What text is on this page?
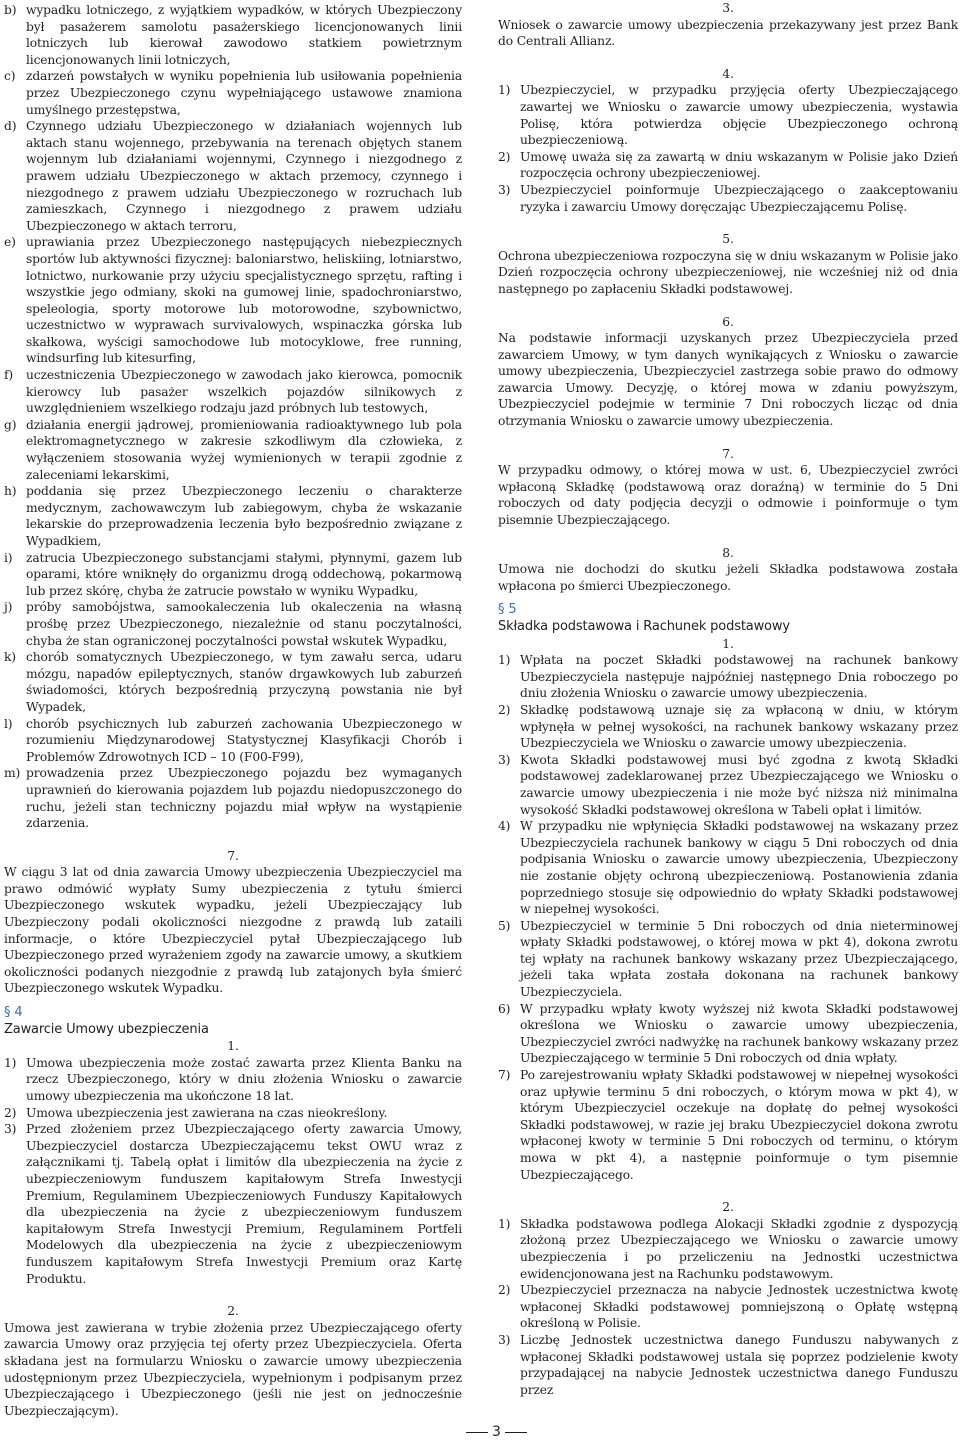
b) wypadku lotniczego, z wyjątkiem wypadków, w których Ubezpieczony był pasażerem samolotu pasażerskiego licencjonowanych linii lotniczych lub kierował zawodowo statkiem powietrznym licencjonowanych linii lotniczych,
c) zdarzeń powstałych w wyniku popełnienia lub usiłowania popełnienia przez Ubezpieczonego czynu wypełniającego ustawowe znamiona umyślnego przestępstwa,
d) Czynnego udziału Ubezpieczonego w działaniach wojennych lub aktach stanu wojennego, przebywania na terenach objętych stanem wojennym lub działaniami wojennymi, Czynnego i niezgodnego z prawem udziału Ubezpieczonego w aktach przemocy, czynnego i niezgodnego z prawem udziału Ubezpieczonego w rozruchach lub zamieszkach, Czynnego i niezgodnego z prawem udziału Ubezpieczonego w aktach terroru,
e) uprawiania przez Ubezpieczonego następujących niebezpiecznych sportów lub aktywności fizycznej: baloniarstwo, heliskiing, lotniarstwo, lotnictwo, nurkowanie przy użyciu specjalistycznego sprzętu, rafting i wszystkie jego odmiany, skoki na gumowej linie, spadochroniarstwo, speleologia, sporty motorowe lub motorowodne, szybownictwo, uczestnictwo w wyprawach survivalowych, wspinaczka górska lub skałkowa, wyścigi samochodowe lub motocyklowe, free running, windsurfing lub kitesurfing,
f) uczestniczenia Ubezpieczonego w zawodach jako kierowca, pomocnik kierowcy lub pasażer wszelkich pojazdów silnikowych z uwzględnieniem wszelkiego rodzaju jazd próbnych lub testowych,
g) działania energii jądrowej, promieniowania radioaktywnego lub pola elektromagnetycznego w zakresie szkodliwym dla człowieka, z wyłączeniem stosowania wyżej wymienionych w terapii zgodnie z zaleceniami lekarskimi,
h) poddania się przez Ubezpieczonego leczeniu o charakterze medycznym, zachowawczym lub zabiegowym, chyba że wskazanie lekarskie do przeprowadzenia leczenia było bezpośrednio związane z Wypadkiem,
i) zatrucia Ubezpieczonego substancjami stałymi, płynnymi, gazem lub oparami, które wniknęły do organizmu drogą oddechową, pokarmową lub przez skórę, chyba że zatrucie powstało w wyniku Wypadku,
j) próby samobójstwa, samookaleczenia lub okaleczenia na własną prośbę przez Ubezpieczonego, niezależnie od stanu poczytalności, chyba że stan ograniczonej poczytalności powstał wskutek Wypadku,
k) chorób somatycznych Ubezpieczonego, w tym zawału serca, udaru mózgu, napadów epileptycznych, stanów drgawkowych lub zaburzeń świadomości, których bezpośrednią przyczyną powstania nie był Wypadek,
l) chorób psychicznych lub zaburzeń zachowania Ubezpieczonego w rozumieniu Międzynarodowej Statystycznej Klasyfikacji Chorób i Problemów Zdrowotnych ICD – 10 (F00-F99),
m) prowadzenia przez Ubezpieczonego pojazdu bez wymaganych uprawnień do kierowania pojazdem lub pojazdu niedopuszczonego do ruchu, jeżeli stan techniczny pojazdu miał wpływ na wystąpienie zdarzenia.

7.

W ciągu 3 lat od dnia zawarcia Umowy ubezpieczenia Ubezpieczyciel ma prawo odmówić wypłaty Sumy ubezpieczenia z tytułu śmierci Ubezpieczonego wskutek wypadku, jeżeli Ubezpieczający lub Ubezpieczony podali okoliczności niezgodne z prawdą lub zataili informacje, o które Ubezpieczyciel pytał Ubezpieczającego lub Ubezpieczonego przed wyrażeniem zgody na zawarcie umowy, a skutkiem okoliczności podanych niezgodnie z prawdą lub zatajonych była śmierć Ubezpieczonego wskutek Wypadku.

§ 4

Zawarcie Umowy ubezpieczenia

1.

1) Umowa ubezpieczenia może zostać zawarta przez Klienta Banku na rzecz Ubezpieczonego, który w dniu złożenia Wniosku o zawarcie umowy ubezpieczenia ma ukończone 18 lat.
2) Umowa ubezpieczenia jest zawierana na czas nieokreślony.
3) Przed złożeniem przez Ubezpieczającego oferty zawarcia Umowy, Ubezpieczyciel dostarcza Ubezpieczającemu tekst OWU wraz z załącznikami tj. Tabelą opłat i limitów dla ubezpieczenia na życie z ubezpieczeniowym funduszem kapitałowym Strefa Inwestycji Premium, Regulaminem Ubezpieczeniowych Funduszy Kapitałowych dla ubezpieczenia na życie z ubezpieczeniowym funduszem kapitałowym Strefa Inwestycji Premium, Regulaminem Portfeli Modelowych dla ubezpieczenia na życie z ubezpieczeniowym funduszem kapitałowym Strefa Inwestycji Premium oraz Kartę Produktu.

2.

Umowa jest zawierana w trybie złożenia przez Ubezpieczającego oferty zawarcia Umowy oraz przyjęcia tej oferty przez Ubezpieczyciela. Oferta składana jest na formularzu Wniosku o zawarcie umowy ubezpieczenia udostępnionym przez Ubezpieczyciela, wypełnionym i podpisanym przez Ubezpieczającego i Ubezpieczonego (jeśli nie jest on jednocześnie Ubezpieczającym).

3.

Wniosek o zawarcie umowy ubezpieczenia przekazywany jest przez Bank do Centrali Allianz.

4.

1) Ubezpieczyciel, w przypadku przyjęcia oferty Ubezpieczającego zawartej we Wniosku o zawarcie umowy ubezpieczenia, wystawia Polisę, która potwierdza objęcie Ubezpieczonego ochroną ubezpieczeniową.
2) Umowę uważa się za zawartą w dniu wskazanym w Polisie jako Dzień rozpoczęcia ochrony ubezpieczeniowej.
3) Ubezpieczyciel poinformuje Ubezpieczającego o zaakceptowaniu ryzyka i zawarciu Umowy doręczając Ubezpieczającemu Polisę.

5.

Ochrona ubezpieczeniowa rozpoczyna się w dniu wskazanym w Polisie jako Dzień rozpoczęcia ochrony ubezpieczeniowej, nie wcześniej niż od dnia następnego po zapłaceniu Składki podstawowej.

6.

Na podstawie informacji uzyskanych przez Ubezpieczyciela przed zawarciem Umowy, w tym danych wynikających z Wniosku o zawarcie umowy ubezpieczenia, Ubezpieczyciel zastrzega sobie prawo do odmowy zawarcia Umowy. Decyzję, o której mowa w zdaniu powyższym, Ubezpieczyciel podejmie w terminie 7 Dni roboczych licząc od dnia otrzymania Wniosku o zawarcie umowy ubezpieczenia.

7.

W przypadku odmowy, o której mowa w ust. 6, Ubezpieczyciel zwróci wpłaconą Składkę (podstawową oraz doraźną) w terminie do 5 Dni roboczych od daty podjęcia decyzji o odmowie i poinformuje o tym pisemnie Ubezpieczającego.

8.

Umowa nie dochodzi do skutku jeżeli Składka podstawowa została wpłacona po śmierci Ubezpieczonego.

§ 5

Składka podstawowa i Rachunek podstawowy

1.

1) Wpłata na poczet Składki podstawowej na rachunek bankowy Ubezpieczyciela następuje najpóźniej następnego Dnia roboczego po dniu złożenia Wniosku o zawarcie umowy ubezpieczenia.
2) Składkę podstawową uznaje się za wpłaconą w dniu, w którym wpłynęła w pełnej wysokości, na rachunek bankowy wskazany przez Ubezpieczyciela we Wniosku o zawarcie umowy ubezpieczenia.
3) Kwota Składki podstawowej musi być zgodna z kwotą Składki podstawowej zadeklarowanej przez Ubezpieczającego we Wniosku o zawarcie umowy ubezpieczenia i nie może być niższa niż minimalna wysokość Składki podstawowej określona w Tabeli opłat i limitów.
4) W przypadku nie wpłynięcia Składki podstawowej na wskazany przez Ubezpieczyciela rachunek bankowy w ciągu 5 Dni roboczych od dnia podpisania Wniosku o zawarcie umowy ubezpieczenia, Ubezpieczony nie zostanie objęty ochroną ubezpieczeniową. Postanowienia zdania poprzedniego stosuje się odpowiednio do wpłaty Składki podstawowej w niepełnej wysokości.
5) Ubezpieczyciel w terminie 5 Dni roboczych od dnia nieterminowej wpłaty Składki podstawowej, o której mowa w pkt 4), dokona zwrotu tej wpłaty na rachunek bankowy wskazany przez Ubezpieczającego, jeżeli taka wpłata została dokonana na rachunek bankowy Ubezpieczyciela.
6) W przypadku wpłaty kwoty wyższej niż kwota Składki podstawowej określona we Wniosku o zawarcie umowy ubezpieczenia, Ubezpieczyciel zwróci nadwyżkę na rachunek bankowy wskazany przez Ubezpieczającego w terminie 5 Dni roboczych od dnia wpłaty.
7) Po zarejestrowaniu wpłaty Składki podstawowej w niepełnej wysokości oraz upływie terminu 5 dni roboczych, o którym mowa w pkt 4), w którym Ubezpieczyciel oczekuje na dopłatę do pełnej wysokości Składki podstawowej, w razie jej braku Ubezpieczyciel dokona zwrotu wpłaconej kwoty w terminie 5 Dni roboczych od terminu, o którym mowa w pkt 4), a następnie poinformuje o tym pisemnie Ubezpieczającego.

2.

1) Składka podstawowa podlega Alokacji Składki zgodnie z dyspozycją złożoną przez Ubezpieczającego we Wniosku o zawarcie umowy ubezpieczenia i po przeliczeniu na Jednostki uczestnictwa ewidencjonowana jest na Rachunku podstawowym.
2) Ubezpieczyciel przeznacza na nabycie Jednostek uczestnictwa kwotę wpłaconej Składki podstawowej pomniejszoną o Opłatę wstępną określoną w Polisie.
3) Liczbę Jednostek uczestnictwa danego Funduszu nabywanych z wpłaconej Składki podstawowej ustala się poprzez podzielenie kwoty przypadającej na nabycie Jednostek uczestnictwa danego Funduszu przez
3
